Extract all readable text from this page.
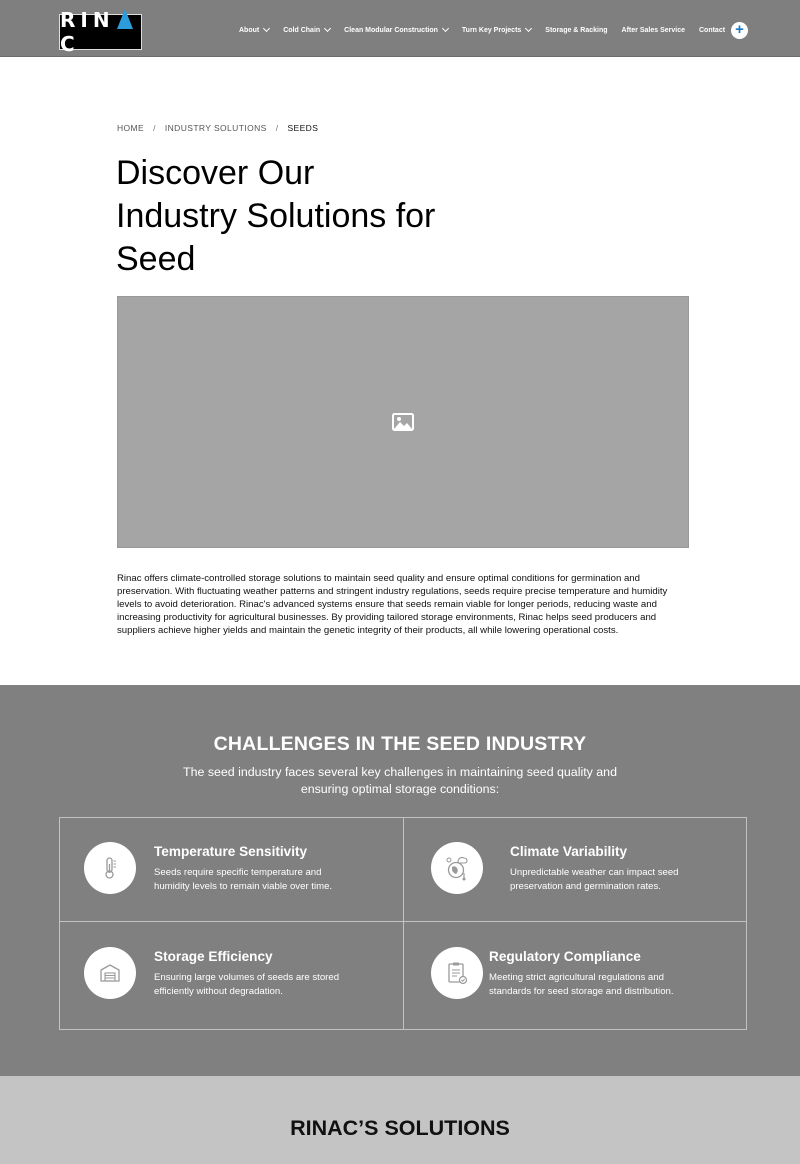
RINC
About	Cold Chain	Clean Modular Construction	Turn Key Projects	Storage & Racking After Sales Service Contact +
HOME / INDUSTRY SOLUTIONS / SEEDS
Discover Our Industry Solutions for Seed

Rinac offers climate-controlled storage solutions to maintain seed quality and ensure optimal conditions for germination and preservation. With fluctuating weather patterns and stringent industry regulations, seeds require precise temperature and humidity levels to avoid deterioration. Rinac's advanced systems ensure that seeds remain viable for longer periods, reducing waste and increasing productivity for agricultural businesses. By providing tailored storage environments, Rinac helps seed producers and suppliers achieve higher yields and maintain the genetic integrity of their products, all while lowering operational costs.

CHALLENGES IN THE SEED INDUSTRY

The seed industry faces several key challenges in maintaining seed quality and ensuring optimal storage conditions:

Temperature Sensitivity
Seeds require specific temperature and humidity levels to remain viable over time.
Climate Variability
Unpredictable weather can impact seed preservation and germination rates.
Storage Efficiency
Ensuring large volumes of seeds are stored efficiently without degradation.
Regulatory Compliance
Meeting strict agricultural regulations and standards for seed storage and distribution.
RINAC’S SOLUTIONS
